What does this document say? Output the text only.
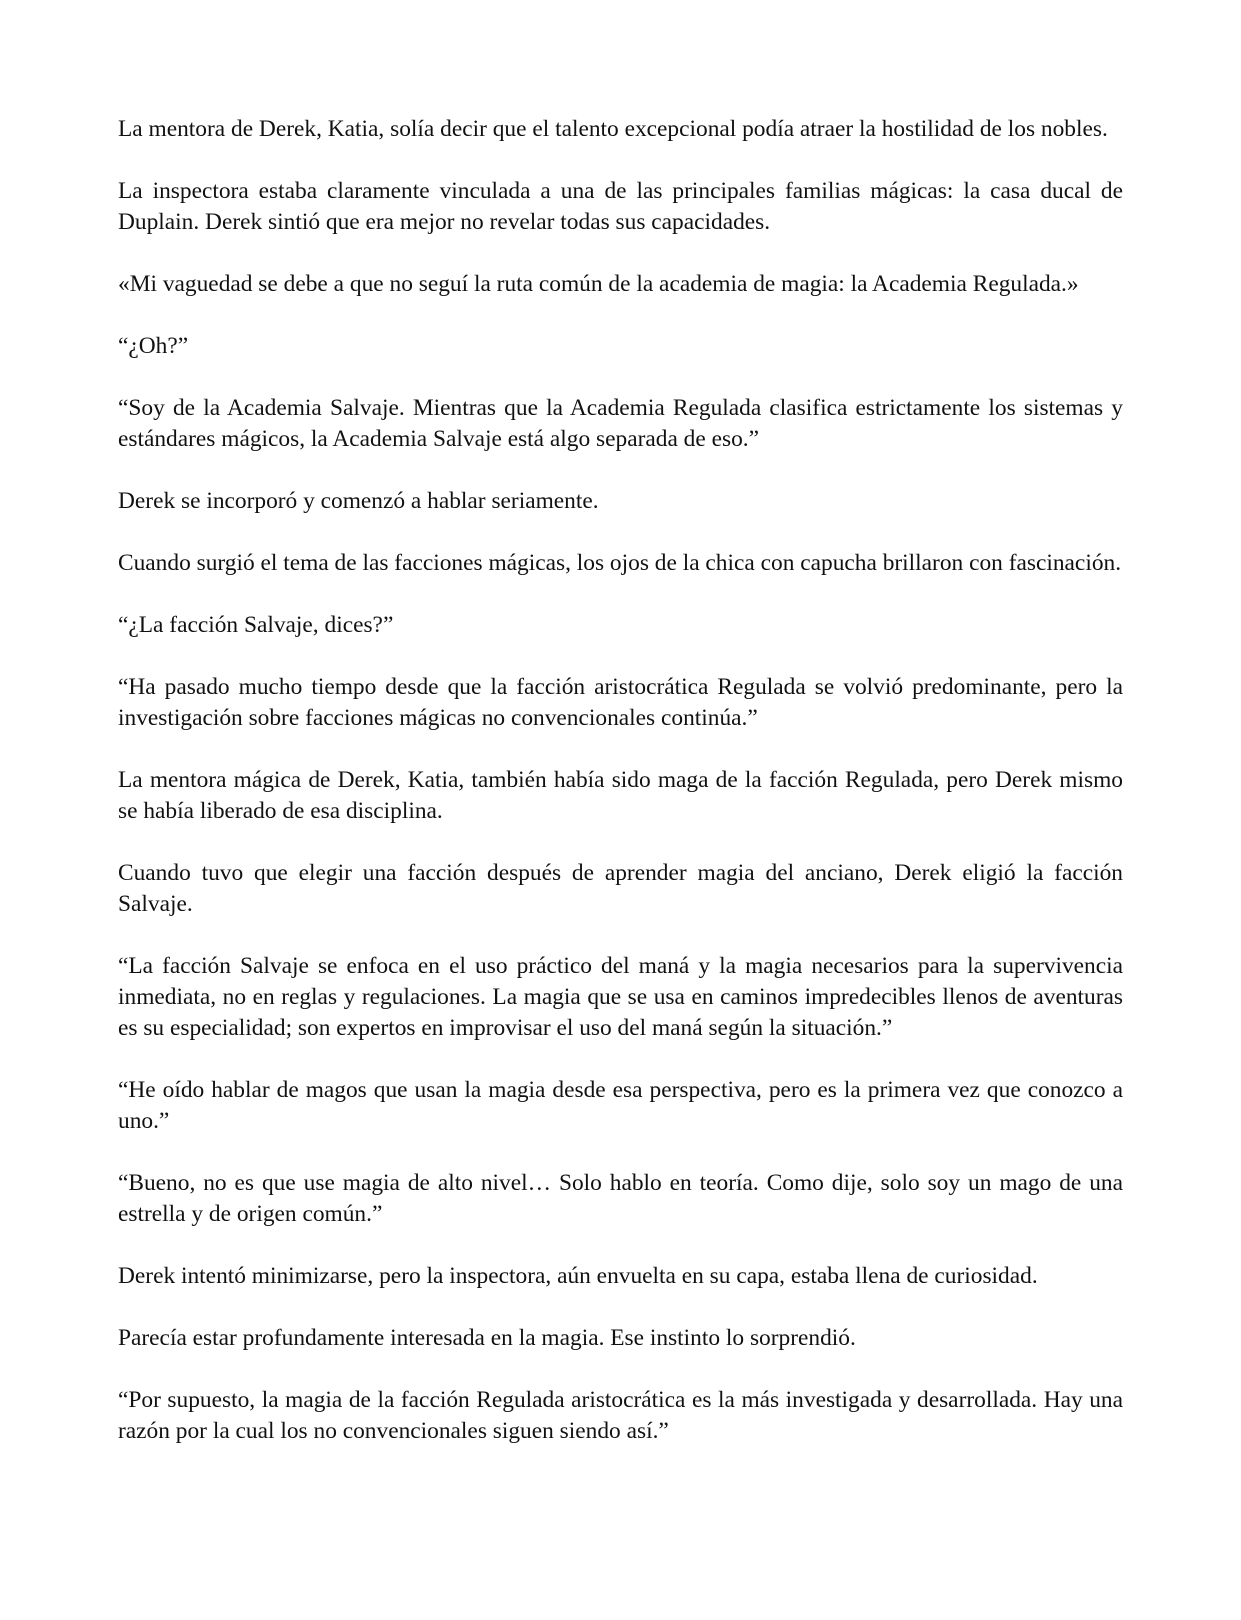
La mentora de Derek, Katia, solía decir que el talento excepcional podía atraer la hostilidad de los nobles.

La inspectora estaba claramente vinculada a una de las principales familias mágicas: la casa ducal de Duplain. Derek sintió que era mejor no revelar todas sus capacidades.

«Mi vaguedad se debe a que no seguí la ruta común de la academia de magia: la Academia Regulada.»

“¿Oh?”

“Soy de la Academia Salvaje. Mientras que la Academia Regulada clasifica estrictamente los sistemas y estándares mágicos, la Academia Salvaje está algo separada de eso.”

Derek se incorporó y comenzó a hablar seriamente.

Cuando surgió el tema de las facciones mágicas, los ojos de la chica con capucha brillaron con fascinación.

“¿La facción Salvaje, dices?”

“Ha pasado mucho tiempo desde que la facción aristocrática Regulada se volvió predominante, pero la investigación sobre facciones mágicas no convencionales continúa.”

La mentora mágica de Derek, Katia, también había sido maga de la facción Regulada, pero Derek mismo se había liberado de esa disciplina.

Cuando tuvo que elegir una facción después de aprender magia del anciano, Derek eligió la facción Salvaje.

“La facción Salvaje se enfoca en el uso práctico del maná y la magia necesarios para la supervivencia inmediata, no en reglas y regulaciones. La magia que se usa en caminos impredecibles llenos de aventuras es su especialidad; son expertos en improvisar el uso del maná según la situación.”

“He oído hablar de magos que usan la magia desde esa perspectiva, pero es la primera vez que conozco a uno.”

“Bueno, no es que use magia de alto nivel… Solo hablo en teoría. Como dije, solo soy un mago de una estrella y de origen común.”

Derek intentó minimizarse, pero la inspectora, aún envuelta en su capa, estaba llena de curiosidad.

Parecía estar profundamente interesada en la magia. Ese instinto lo sorprendió.

“Por supuesto, la magia de la facción Regulada aristocrática es la más investigada y desarrollada. Hay una razón por la cual los no convencionales siguen siendo así.”
